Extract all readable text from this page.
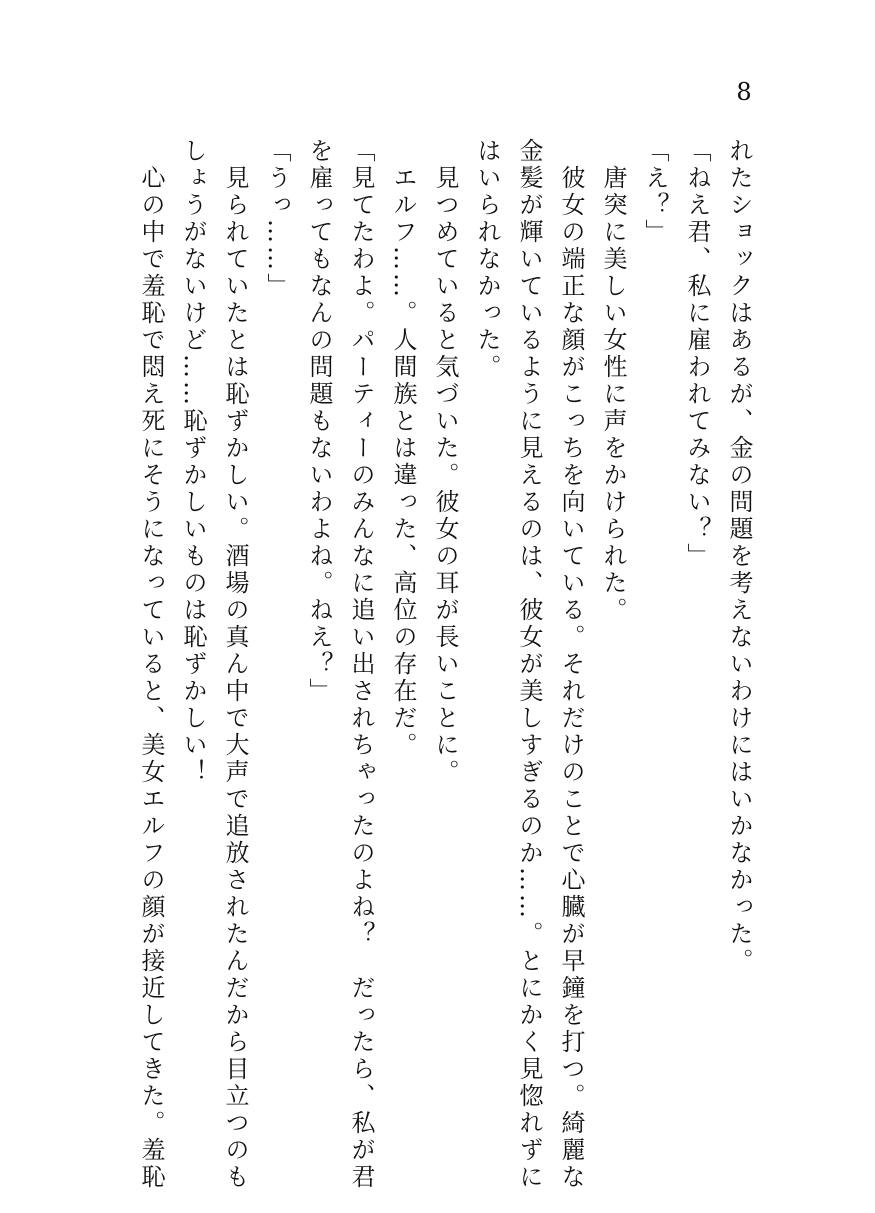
8

れたショックはあるが、金の問題を考えないわけにはいかなかった。

「ねえ君、私に雇われてみない？」

「え？」

　唐突に美しい女性に声をかけられた。

　彼女の端正な顔がこっちを向いている。それだけのことで心臓が早鐘を打つ。綺麗な

金髪が輝いているように見えるのは、彼女が美しすぎるのか……。とにかく見惚れずに

はいられなかった。

　見つめていると気づいた。彼女の耳が長いことに。

　エルフ……。人間族とは違った、高位の存在だ。

「見てたわよ。パーティーのみんなに追い出されちゃったのよね？　だったら、私が君

を雇ってもなんの問題もないわよね。ねえ？」

「うっ……」

　見られていたとは恥ずかしい。酒場の真ん中で大声で追放されたんだから目立つのも

しょうがないけど……恥ずかしいものは恥ずかしい！

　心の中で羞恥で悶え死にそうになっていると、美女エルフの顔が接近してきた。羞恥
